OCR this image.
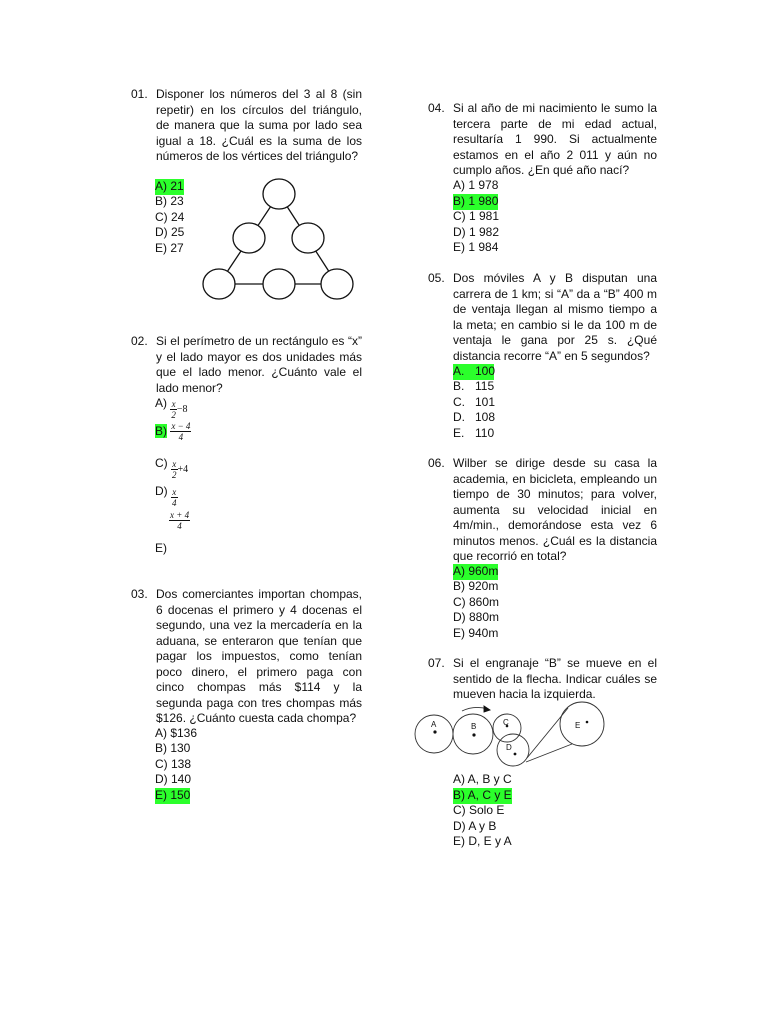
01. Disponer los números del 3 al 8 (sin repetir) en los círculos del triángulo, de manera que la suma por lado sea igual a 18. ¿Cuál es la suma de los números de los vértices del triángulo?
A) 21
B) 23
C) 24
D) 25
E) 27
02. Si el perímetro de un rectángulo es “x” y el lado mayor es dos unidades más que el lado menor. ¿Cuánto vale el lado menor?
$A) \frac{x}{2} -8$
$B) \frac{x - 4}{4}$
$C) \frac{x}{2} +4$
$D) \frac{x}{4}$
$\frac{x + 4}{4}$
E)
03. Dos comerciantes importan chompas, 6 docenas el primero y 4 docenas el segundo, una vez la mercadería en la aduana, se enteraron que tenían que pagar los impuestos, como tenían poco dinero, el primero paga con cinco chompas más $114 y la segunda paga con tres chompas más $126. ¿Cuánto cuesta cada chompa?
A) $136
B) 130
C) 138
D) 140
E) 150
04. Si al año de mi nacimiento le sumo la tercera parte de mi edad actual, resultaría 1 990. Si actualmente estamos en el año 2 011 y aún no cumplo años. ¿En qué año nací?
A) 1 978
B) 1 980
C) 1 981
D) 1 982
E) 1 984
05. Dos móviles A y B disputan una carrera de 1 km; si “A” da a “B” 400 m de ventaja llegan al mismo tiempo a la meta; en cambio si le da 100 m de ventaja le gana por 25 s. ¿Qué distancia recorre “A” en 5 segundos?
A. 100
B. 115
C. 101
D. 108
E. 110
06. Wilber se dirige desde su casa la academia, en bicicleta, empleando un tiempo de 30 minutos; para volver, aumenta su velocidad inicial en 4m/min., demorándose esta vez 6 minutos menos. ¿Cuál es la distancia que recorrió en total?
A) 960m
B) 920m
C) 860m
D) 880m
E) 940m
07. Si el engranaje “B” se mueve en el sentido de la flecha. Indicar cuáles se mueven hacia la izquierda.
A	B	C
D
E
A) A, B y C
B) A, C y E
C) Solo E
D) A y B
E) D, E y A
